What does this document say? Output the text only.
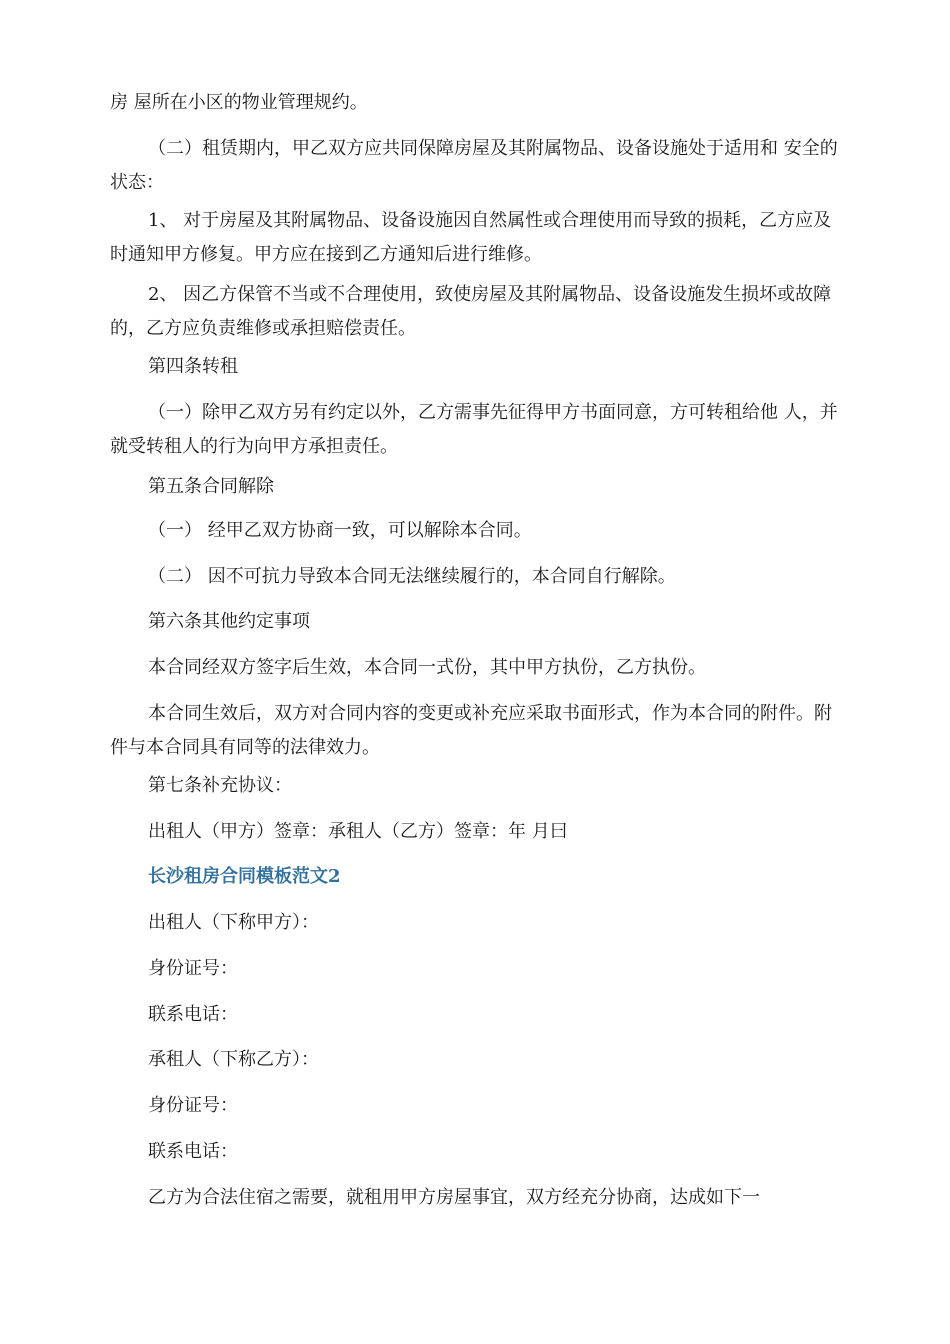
房 屋所在小区的物业管理规约。

（二）租赁期内，甲乙双方应共同保障房屋及其附属物品、设备设施处于适用和 安全的状态：

1、 对于房屋及其附属物品、设备设施因自然属性或合理使用而导致的损耗，乙方应及时通知甲方修复。甲方应在接到乙方通知后进行维修。

2、 因乙方保管不当或不合理使用，致使房屋及其附属物品、设备设施发生损坏或故障的，乙方应负责维修或承担赔偿责任。

第四条转租

（一）除甲乙双方另有约定以外，乙方需事先征得甲方书面同意，方可转租给他 人，并就受转租人的行为向甲方承担责任。

第五条合同解除

（一） 经甲乙双方协商一致，可以解除本合同。

（二） 因不可抗力导致本合同无法继续履行的，本合同自行解除。

第六条其他约定事项

本合同经双方签字后生效，本合同一式份，其中甲方执份，乙方执份。

本合同生效后，双方对合同内容的变更或补充应采取书面形式，作为本合同的附件。附件与本合同具有同等的法律效力。

第七条补充协议：

出租人（甲方）签章：承租人（乙方）签章：年 月曰

长沙租房合同模板范文2

出租人（下称甲方）：

身份证号：

联系电话：

承租人（下称乙方）：

身份证号：

联系电话：

乙方为合法住宿之需要，就租用甲方房屋事宜，双方经充分协商，达成如下一
